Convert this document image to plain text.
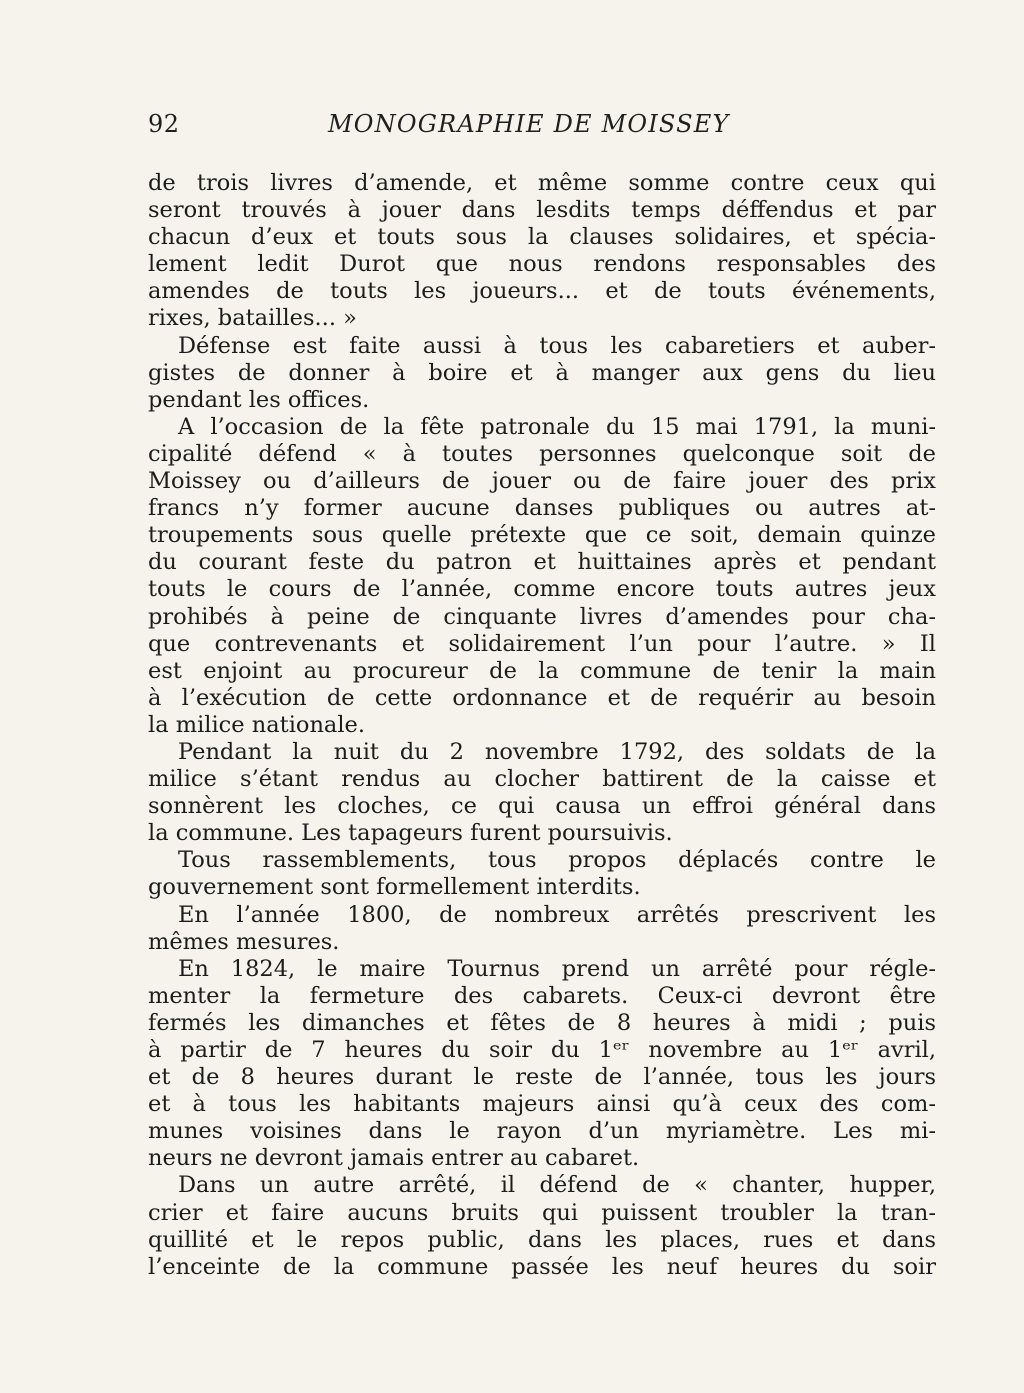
92	MONOGRAPHIE DE MOISSEY
de trois livres d’amende, et même somme contre ceux qui
seront trouvés à jouer dans lesdits temps déffendus et par
chacun d’eux et touts sous la clauses solidaires, et spécia-
lement ledit Durot que nous rendons responsables des
amendes de touts les joueurs... et de touts événements,
rixes, batailles... »
Défense est faite aussi à tous les cabaretiers et auber-
gistes de donner à boire et à manger aux gens du lieu
pendant les offices.
A l’occasion de la fête patronale du 15 mai 1791, la muni-
cipalité défend « à toutes personnes quelconque soit de
Moissey ou d’ailleurs de jouer ou de faire jouer des prix
francs n’y former aucune danses publiques ou autres at-
troupements sous quelle prétexte que ce soit, demain quinze
du courant feste du patron et huittaines après et pendant
touts le cours de l’année, comme encore touts autres jeux
prohibés à peine de cinquante livres d’amendes pour cha-
que contrevenants et solidairement l’un pour l’autre. » Il
est enjoint au procureur de la commune de tenir la main
à l’exécution de cette ordonnance et de requérir au besoin
la milice nationale.
Pendant la nuit du 2 novembre 1792, des soldats de la
milice s’étant rendus au clocher battirent de la caisse et
sonnèrent les cloches, ce qui causa un effroi général dans
la commune. Les tapageurs furent poursuivis.
Tous rassemblements, tous propos déplacés contre le
gouvernement sont formellement interdits.
En l’année 1800, de nombreux arrêtés prescrivent les
mêmes mesures.
En 1824, le maire Tournus prend un arrêté pour régle-
menter la fermeture des cabarets. Ceux-ci devront être
fermés les dimanches et fêtes de 8 heures à midi ; puis
à partir de 7 heures du soir du 1ᵉʳ novembre au 1ᵉʳ avril,
et de 8 heures durant le reste de l’année, tous les jours
et à tous les habitants majeurs ainsi qu’à ceux des com-
munes voisines dans le rayon d’un myriamètre. Les mi-
neurs ne devront jamais entrer au cabaret.
Dans un autre arrêté, il défend de « chanter, hupper,
crier et faire aucuns bruits qui puissent troubler la tran-
quillité et le repos public, dans les places, rues et dans
l’enceinte de la commune passée les neuf heures du soir
